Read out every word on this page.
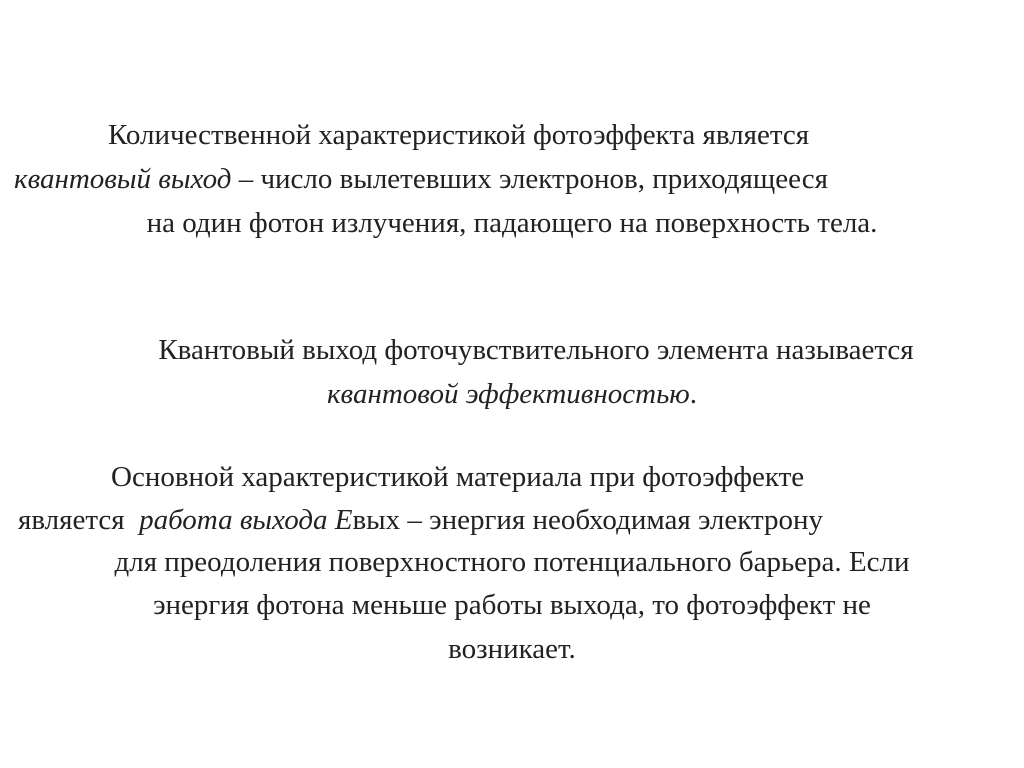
Количественной характеристикой фотоэффекта является
квантовый выход – число вылетевших электронов, приходящееся
на один фотон излучения, падающего на поверхность тела.
Квантовый выход фоточувствительного элемента называется
квантовой эффективностью.
Основной характеристикой материала при фотоэффекте
является  работа выхода Евых – энергия необходимая электрону
для преодоления поверхностного потенциального барьера. Если
энергия фотона меньше работы выхода, то фотоэффект не
возникает.
